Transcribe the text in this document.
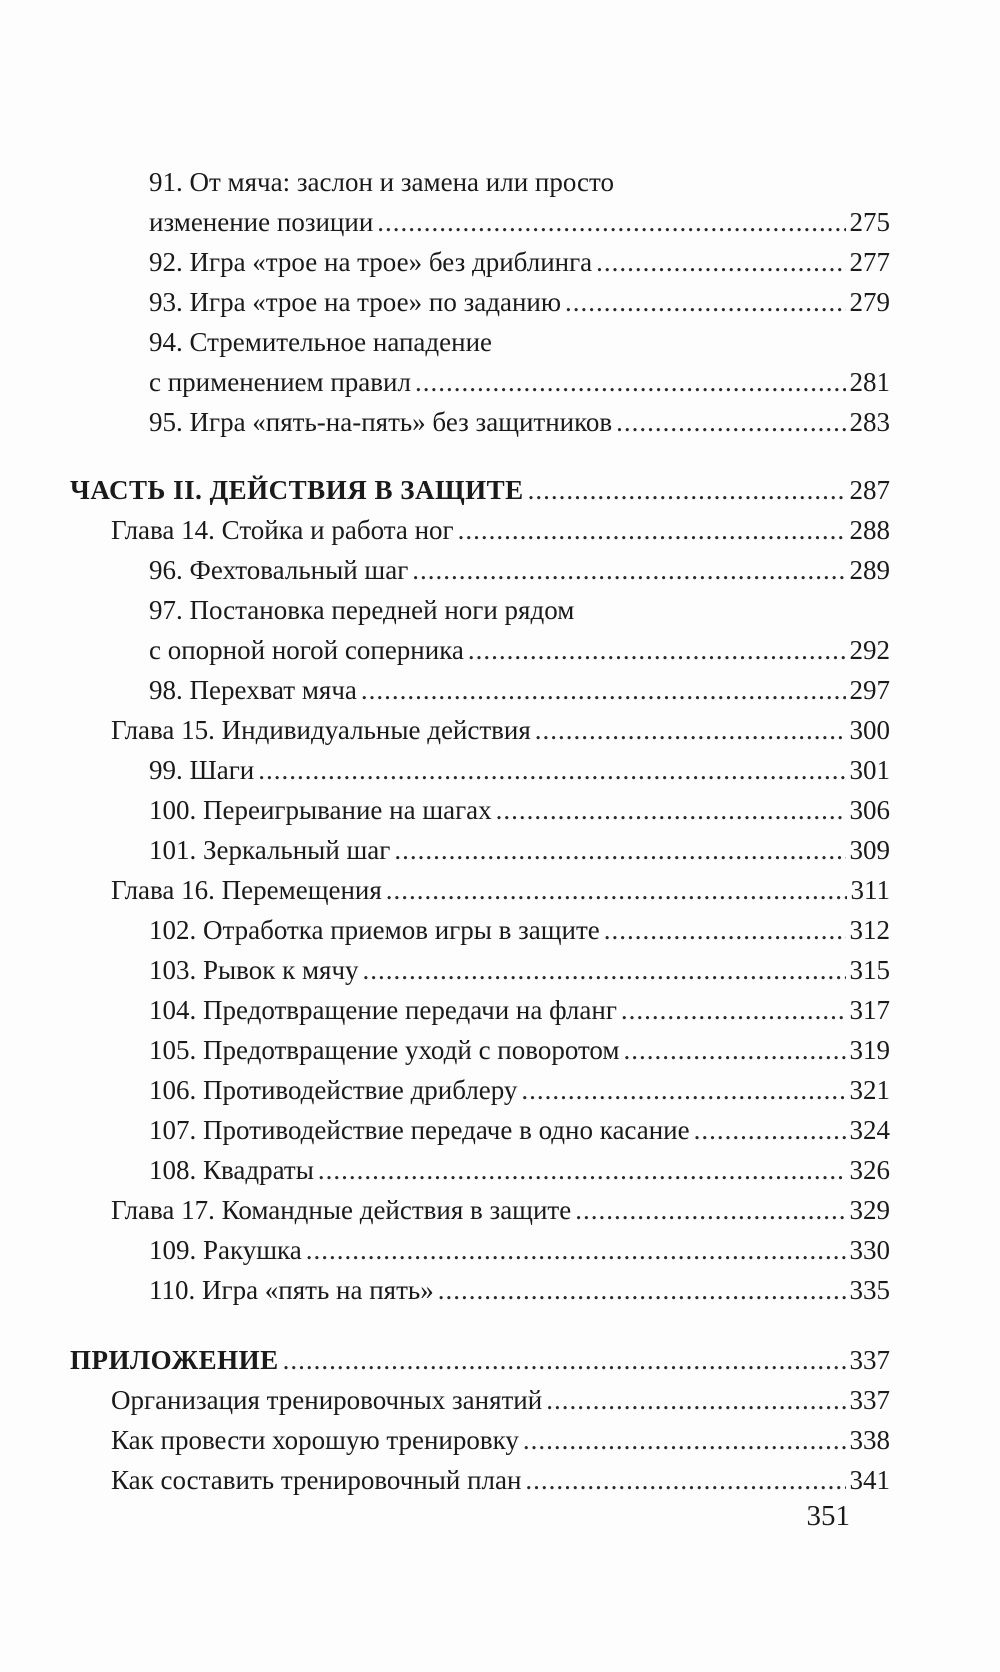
91. От мяча: заслон и замена или просто
изменение позиции .....	275
92. Игра «трое на трое» без дриблинга .....	277
93. Игра «трое на трое» по заданию .....	279
94. Стремительное нападение
с применением правил .....	281
95. Игра «пять-на-пять» без защитников .....	283
ЧАСТЬ II. ДЕЙСТВИЯ В ЗАЩИТЕ .....	287
Глава 14. Стойка и работа ног .....	288
96. Фехтовальный шаг .....	289
97. Постановка передней ноги рядом
с опорной ногой соперника .....	292
98. Перехват мяча .....	297
Глава 15. Индивидуальные действия .....	300
99. Шаги .....	301
100. Переигрывание на шагах .....	306
101. Зеркальный шаг .....	309
Глава 16. Перемещения .....	311
102. Отработка приемов игры в защите .....	312
103. Рывок к мячу .....	315
104. Предотвращение передачи на фланг .....	317
105. Предотвращение уходй с поворотом .....	319
106. Противодействие дриблеру .....	321
107. Противодействие передаче в одно касание .....	324
108. Квадраты .....	326
Глава 17. Командные действия в защите .....	329
109. Ракушка .....	330
110. Игра «пять на пять» .....	335
ПРИЛОЖЕНИЕ .....	337
Организация тренировочных занятий .....	337
Как провести хорошую тренировку .....	338
Как составить тренировочный план .....	341
351
